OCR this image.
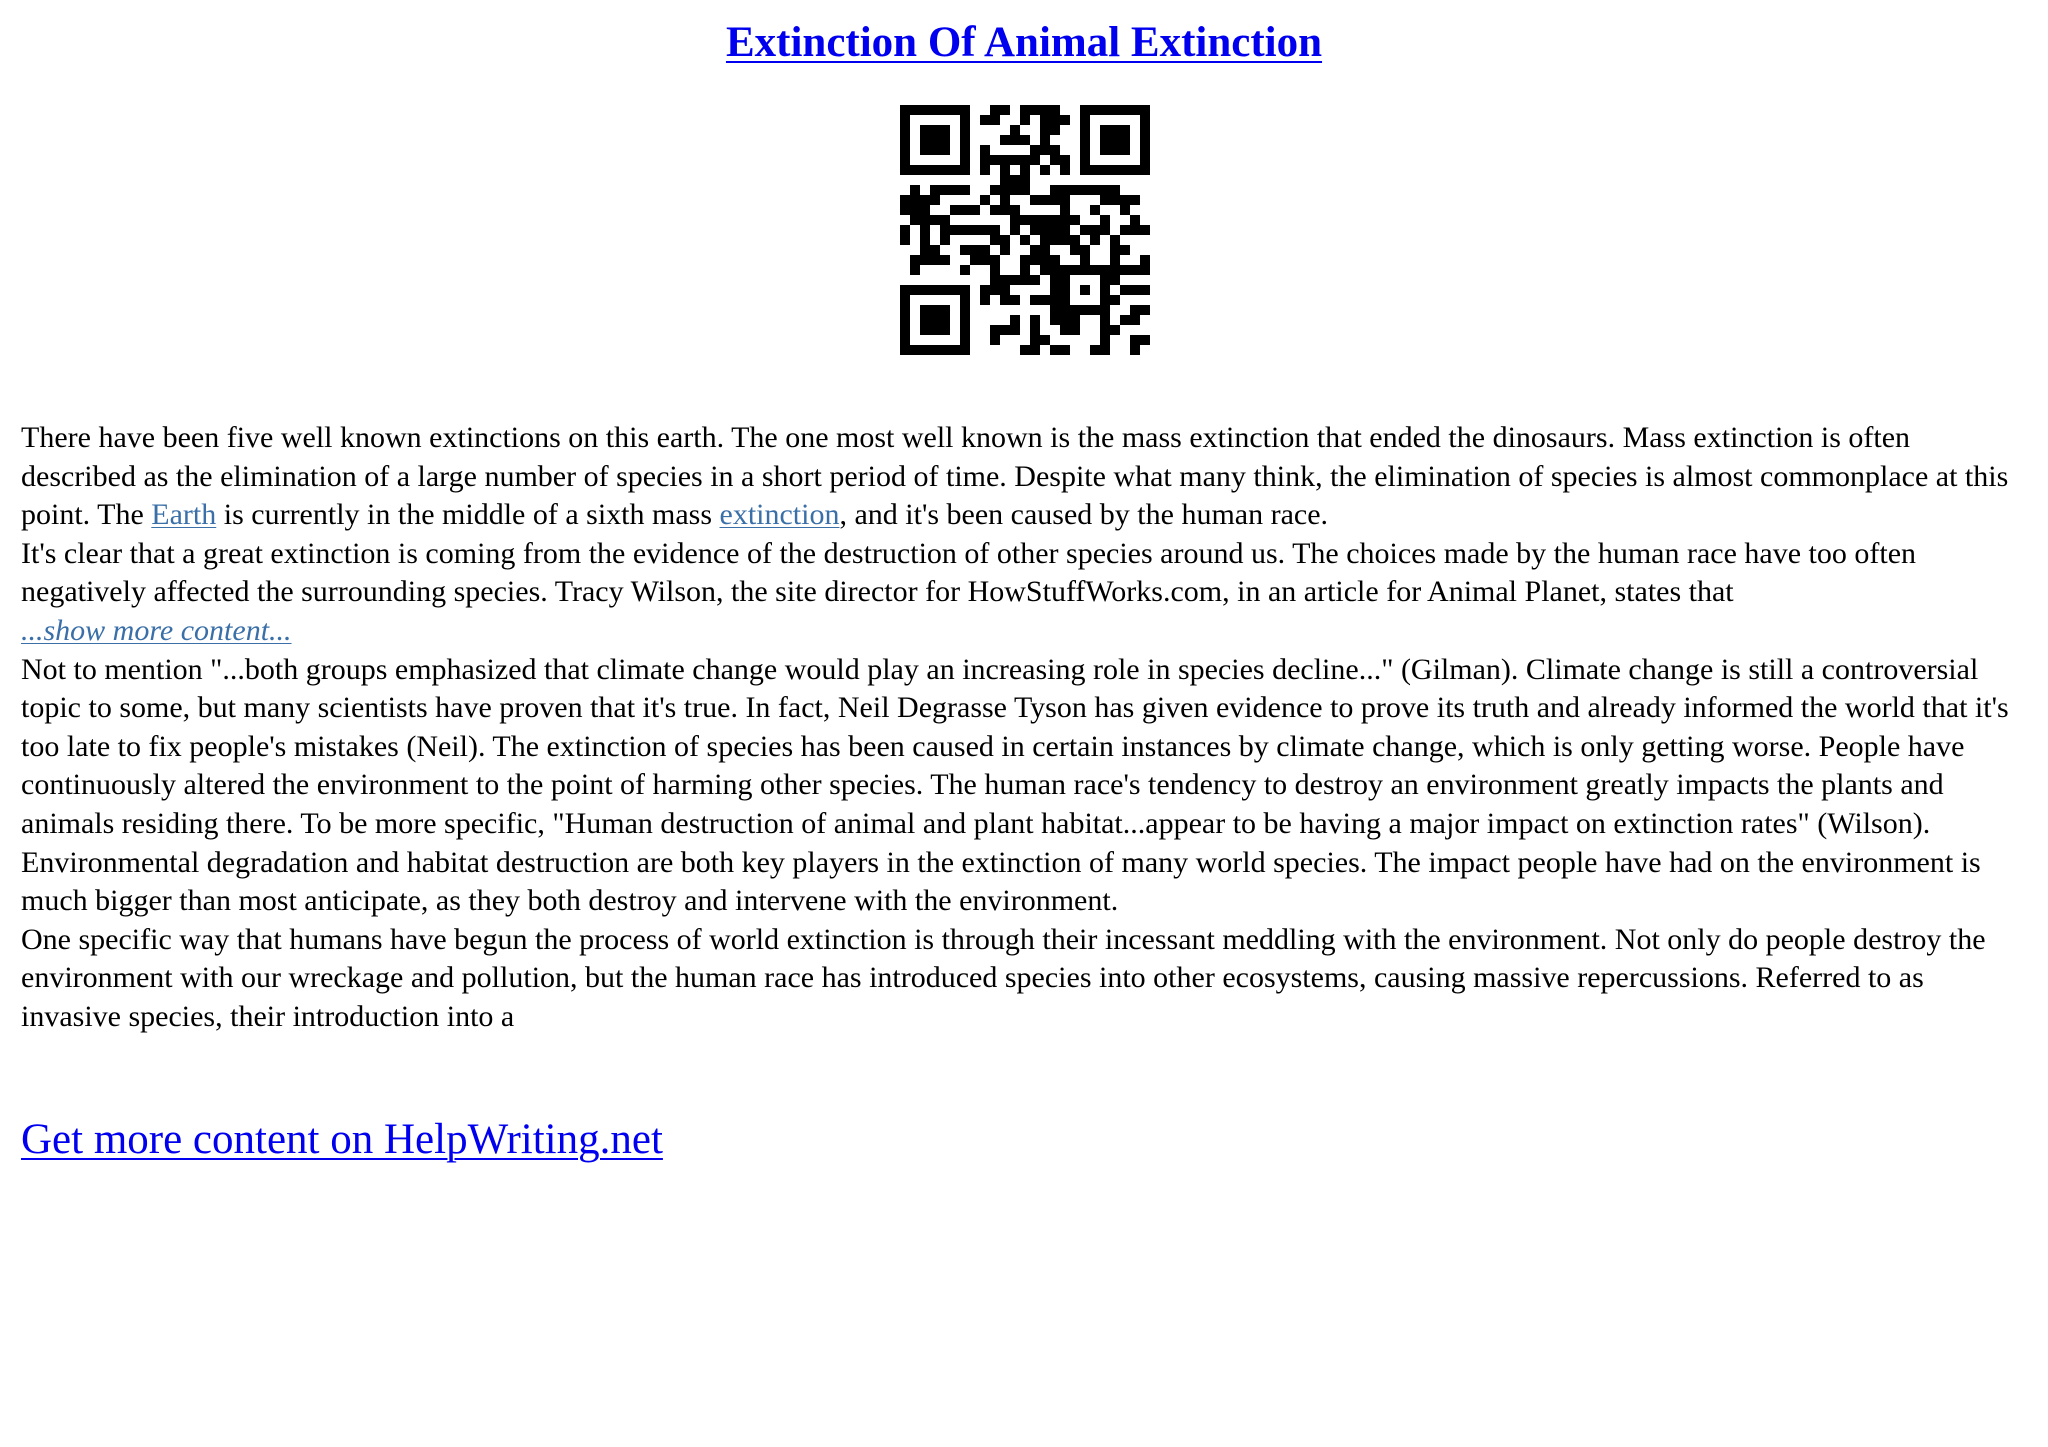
Extinction Of Animal Extinction

There have been five well known extinctions on this earth. The one most well known is the mass extinction that ended the dinosaurs. Mass extinction is often described as the elimination of a large number of species in a short period of time. Despite what many think, the elimination of species is almost commonplace at this point. The Earth is currently in the middle of a sixth mass extinction, and it's been caused by the human race.

It's clear that a great extinction is coming from the evidence of the destruction of other species around us. The choices made by the human race have too often negatively affected the surrounding species. Tracy Wilson, the site director for HowStuffWorks.com, in an article for Animal Planet, states that

...show more content...

Not to mention "...both groups emphasized that climate change would play an increasing role in species decline..." (Gilman). Climate change is still a controversial topic to some, but many scientists have proven that it's true. In fact, Neil Degrasse Tyson has given evidence to prove its truth and already informed the world that it's too late to fix people's mistakes (Neil). The extinction of species has been caused in certain instances by climate change, which is only getting worse. People have continuously altered the environment to the point of harming other species. The human race's tendency to destroy an environment greatly impacts the plants and animals residing there. To be more specific, "Human destruction of animal and plant habitat...appear to be having a major impact on extinction rates" (Wilson). Environmental degradation and habitat destruction are both key players in the extinction of many world species. The impact people have had on the environment is much bigger than most anticipate, as they both destroy and intervene with the environment.

One specific way that humans have begun the process of world extinction is through their incessant meddling with the environment. Not only do people destroy the environment with our wreckage and pollution, but the human race has introduced species into other ecosystems, causing massive repercussions. Referred to as invasive species, their introduction into a

Get more content on HelpWriting.net
